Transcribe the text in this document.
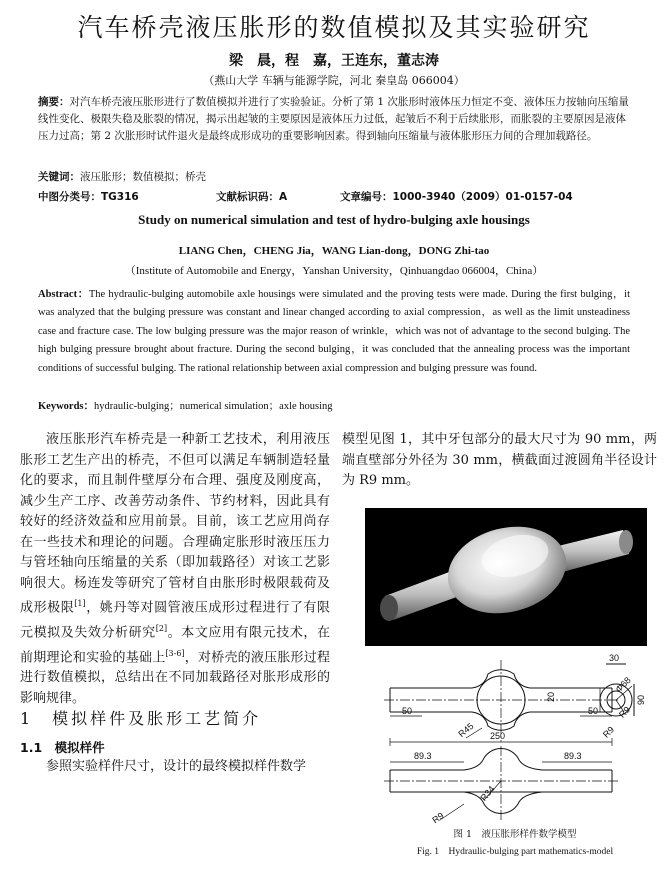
汽车桥壳液压胀形的数值模拟及其实验研究
梁　晨，程　嘉，王连东，董志涛
（燕山大学 车辆与能源学院，河北 秦皇岛 066004）
摘要：对汽车桥壳液压胀形进行了数值模拟并进行了实验验证。分析了第 1 次胀形时液体压力恒定不变、液体压力按轴向压缩量线性变化、极限失稳及胀裂的情况，揭示出起皱的主要原因是液体压力过低，起皱后不利于后续胀形，而胀裂的主要原因是液体压力过高；第 2 次胀形时试件退火是最终成形成功的重要影响因素。得到轴向压缩量与液体胀形压力间的合理加载路径。
关键词：液压胀形；数值模拟；桥壳
中图分类号：TG316	文献标识码：A	文章编号：1000-3940（2009）01-0157-04
Study on numerical simulation and test of hydro-bulging axle housings
LIANG Chen，CHENG Jia，WANG Lian-dong，DONG Zhi-tao
（Institute of Automobile and Energy，Yanshan University，Qinhuangdao 066004，China）
Abstract：The hydraulic-bulging automobile axle housings were simulated and the proving tests were made. During the first bulging，it was analyzed that the bulging pressure was constant and linear changed according to axial compression，as well as the limit unsteadiness case and fracture case. The low bulging pressure was the major reason of wrinkle，which was not of advantage to the second bulging. The high bulging pressure brought about fracture. During the second bulging，it was concluded that the annealing process was the important conditions of successful bulging. The rational relationship between axial compression and bulging pressure was found.
Keywords：hydraulic-bulging；numerical simulation；axle housing
液压胀形汽车桥壳是一种新工艺技术，利用液压胀形工艺生产出的桥壳，不但可以满足车辆制造轻量化的要求，而且制件壁厚分布合理、强度及刚度高，减少生产工序、改善劳动条件、节约材料，因此具有较好的经济效益和应用前景。目前，该工艺应用尚存在一些技术和理论的问题。合理确定胀形时液压压力与管坯轴向压缩量的关系（即加载路径）对该工艺影响很大。杨连发等研究了管材自由胀形时极限载荷及成形极限[1]，姚丹等对圆管液压成形过程进行了有限元模拟及失效分析研究[2]。本文应用有限元技术，在前期理论和实验的基础上[3-6]，对桥壳的液压胀形过程进行数值模拟，总结出在不同加载路径对胀形成形的影响规律。
1　模拟样件及胀形工艺简介
1.1　模拟样件
参照实验样件尺寸，设计的最终模拟样件数学
模型见图 1，其中牙包部分的最大尺寸为 90 mm，两端直壁部分外径为 30 mm，横截面过渡圆角半径设计为 R9 mm。
50	50
250
R45
30
Φ68
90
R9
R9
20
89.3	89.3
R34
R9
图 1　液压胀形样件数学模型
Fig. 1　Hydraulic-bulging part mathematics-model
